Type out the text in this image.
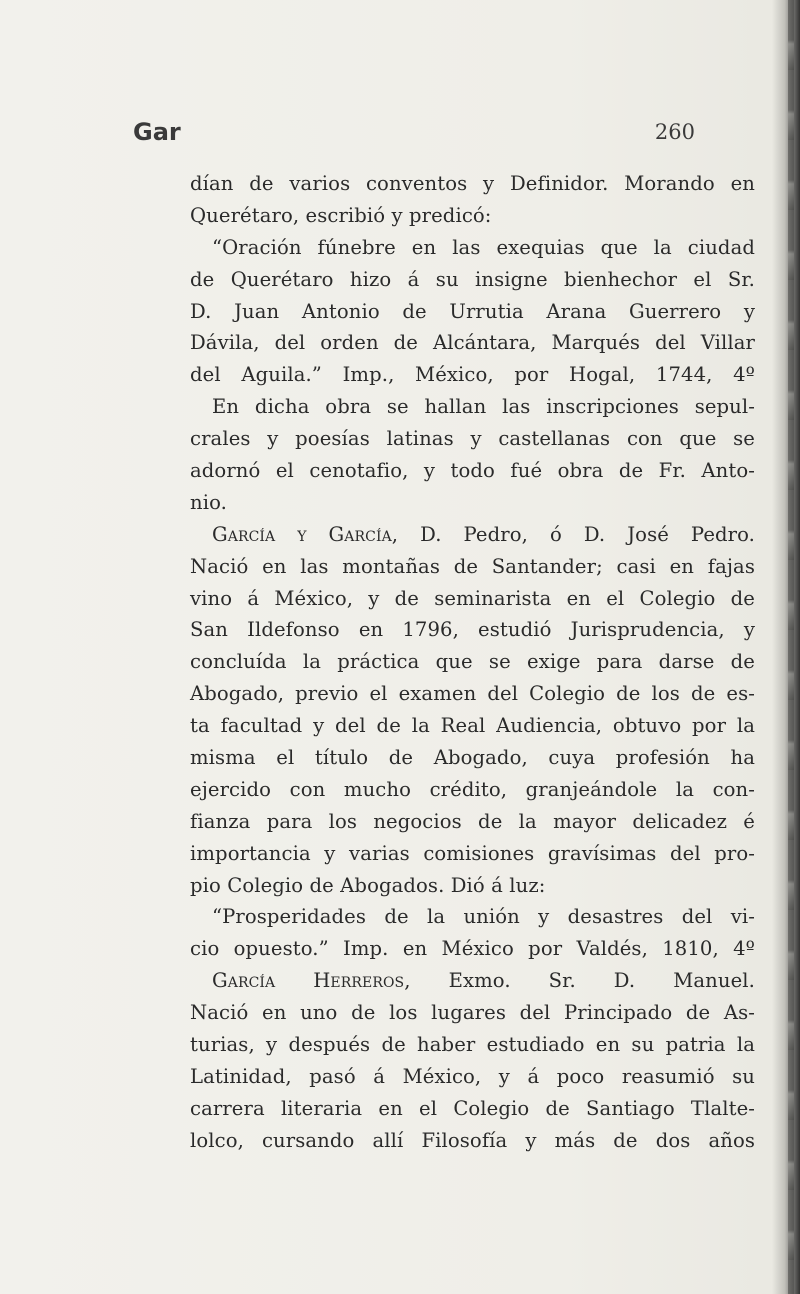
Gar	260
dían de varios conventos y Definidor. Morando en
Querétaro, escribió y predicó:
“Oración fúnebre en las exequias que la ciudad
de Querétaro hizo á su insigne bienhechor el Sr.
D. Juan Antonio de Urrutia Arana Guerrero y
Dávila, del orden de Alcántara, Marqués del Villar
del Aguila.” Imp., México, por Hogal, 1744, 4º
En dicha obra se hallan las inscripciones sepul-
crales y poesías latinas y castellanas con que se
adornó el cenotafio, y todo fué obra de Fr. Anto-
nio.
García y García, D. Pedro, ó D. José Pedro.
Nació en las montañas de Santander; casi en fajas
vino á México, y de seminarista en el Colegio de
San Ildefonso en 1796, estudió Jurisprudencia, y
concluída la práctica que se exige para darse de
Abogado, previo el examen del Colegio de los de es-
ta facultad y del de la Real Audiencia, obtuvo por la
misma el título de Abogado, cuya profesión ha
ejercido con mucho crédito, granjeándole la con-
fianza para los negocios de la mayor delicadez é
importancia y varias comisiones gravísimas del pro-
pio Colegio de Abogados. Dió á luz:
“Prosperidades de la unión y desastres del vi-
cio opuesto.” Imp. en México por Valdés, 1810, 4º
García Herreros, Exmo. Sr. D. Manuel.
Nació en uno de los lugares del Principado de As-
turias, y después de haber estudiado en su patria la
Latinidad, pasó á México, y á poco reasumió su
carrera literaria en el Colegio de Santiago Tlalte-
lolco, cursando allí Filosofía y más de dos años
